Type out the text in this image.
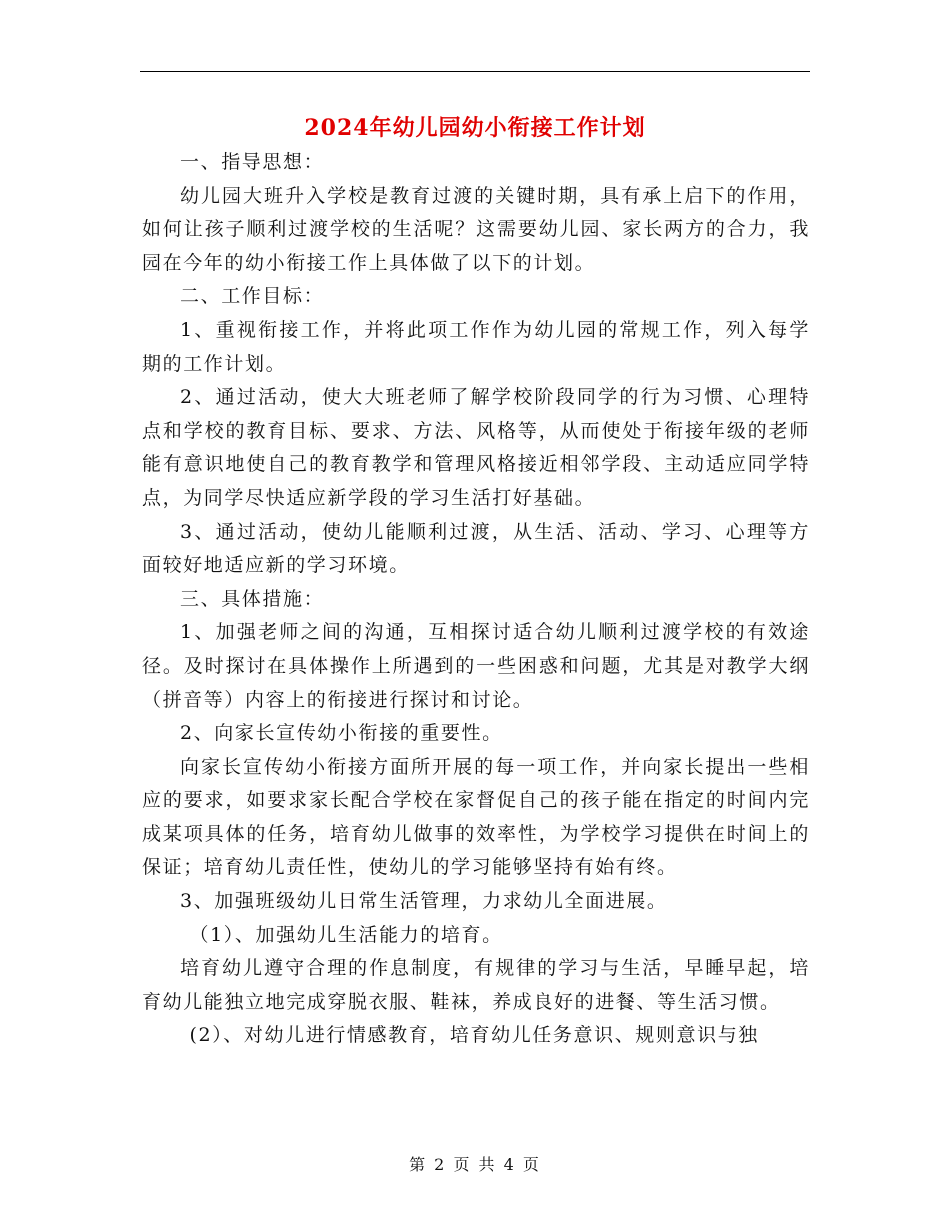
2024年幼儿园幼小衔接工作计划

一、指导思想：

幼儿园大班升入学校是教育过渡的关键时期，具有承上启下的作用，如何让孩子顺利过渡学校的生活呢？这需要幼儿园、家长两方的合力，我园在今年的幼小衔接工作上具体做了以下的计划。

二、工作目标：

1、重视衔接工作，并将此项工作作为幼儿园的常规工作，列入每学期的工作计划。

2、通过活动，使大大班老师了解学校阶段同学的行为习惯、心理特点和学校的教育目标、要求、方法、风格等，从而使处于衔接年级的老师能有意识地使自己的教育教学和管理风格接近相邻学段、主动适应同学特点，为同学尽快适应新学段的学习生活打好基础。

3、通过活动，使幼儿能顺利过渡，从生活、活动、学习、心理等方面较好地适应新的学习环境。

三、具体措施：

1、加强老师之间的沟通，互相探讨适合幼儿顺利过渡学校的有效途径。及时探讨在具体操作上所遇到的一些困惑和问题，尤其是对教学大纲（拼音等）内容上的衔接进行探讨和讨论。

2、向家长宣传幼小衔接的重要性。

向家长宣传幼小衔接方面所开展的每一项工作，并向家长提出一些相应的要求，如要求家长配合学校在家督促自己的孩子能在指定的时间内完成某项具体的任务，培育幼儿做事的效率性，为学校学习提供在时间上的保证；培育幼儿责任性，使幼儿的学习能够坚持有始有终。

3、加强班级幼儿日常生活管理，力求幼儿全面进展。

（1）、加强幼儿生活能力的培育。

培育幼儿遵守合理的作息制度，有规律的学习与生活，早睡早起，培育幼儿能独立地完成穿脱衣服、鞋袜，养成良好的进餐、等生活习惯。

(2）、对幼儿进行情感教育，培育幼儿任务意识、规则意识与独

第 2 页 共 4 页
